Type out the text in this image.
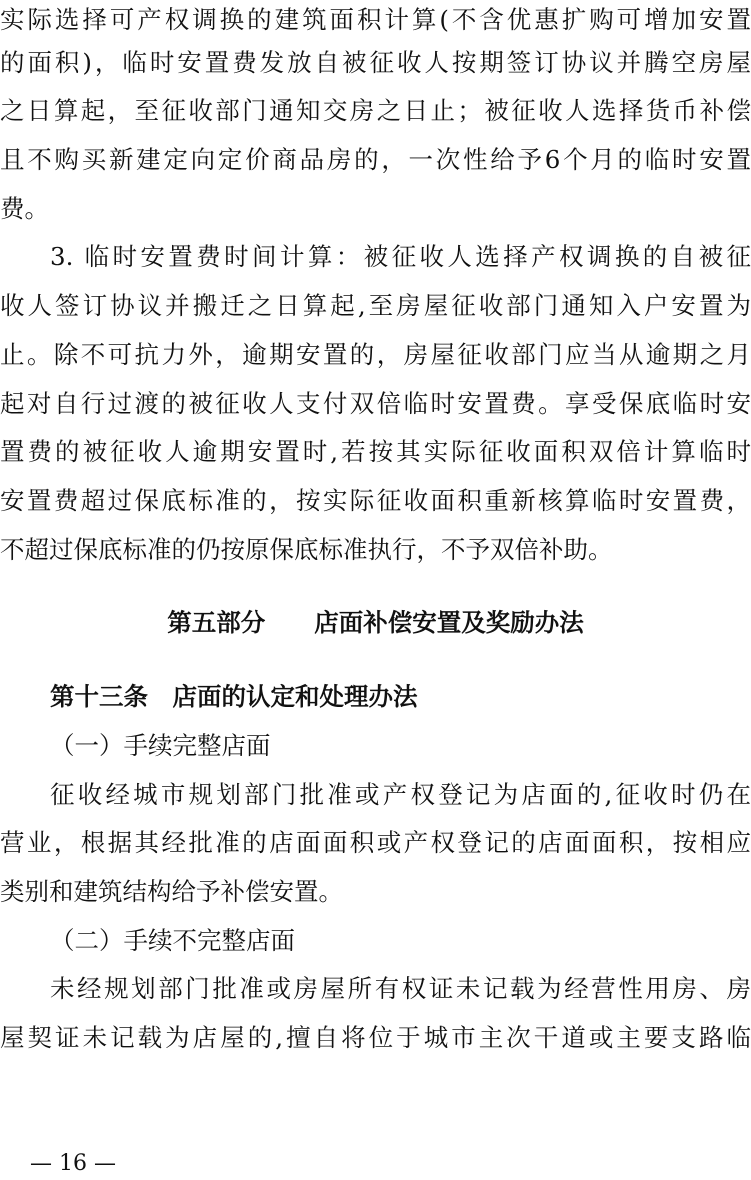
实际选择可产权调换的建筑面积计算(不含优惠扩购可增加安置
的面积)，临时安置费发放自被征收人按期签订协议并腾空房屋
之日算起，至征收部门通知交房之日止；被征收人选择货币补偿
且不购买新建定向定价商品房的，一次性给予6个月的临时安置
费。
3. 临时安置费时间计算：被征收人选择产权调换的自被征
收人签订协议并搬迁之日算起,至房屋征收部门通知入户安置为
止。除不可抗力外，逾期安置的，房屋征收部门应当从逾期之月
起对自行过渡的被征收人支付双倍临时安置费。享受保底临时安
置费的被征收人逾期安置时,若按其实际征收面积双倍计算临时
安置费超过保底标准的，按实际征收面积重新核算临时安置费，
不超过保底标准的仍按原保底标准执行，不予双倍补助。
第五部分　　店面补偿安置及奖励办法
第十三条　店面的认定和处理办法
（一）手续完整店面
征收经城市规划部门批准或产权登记为店面的,征收时仍在
营业，根据其经批准的店面面积或产权登记的店面面积，按相应
类别和建筑结构给予补偿安置。
（二）手续不完整店面
未经规划部门批准或房屋所有权证未记载为经营性用房、房
屋契证未记载为店屋的,擅自将位于城市主次干道或主要支路临
— 16 —
